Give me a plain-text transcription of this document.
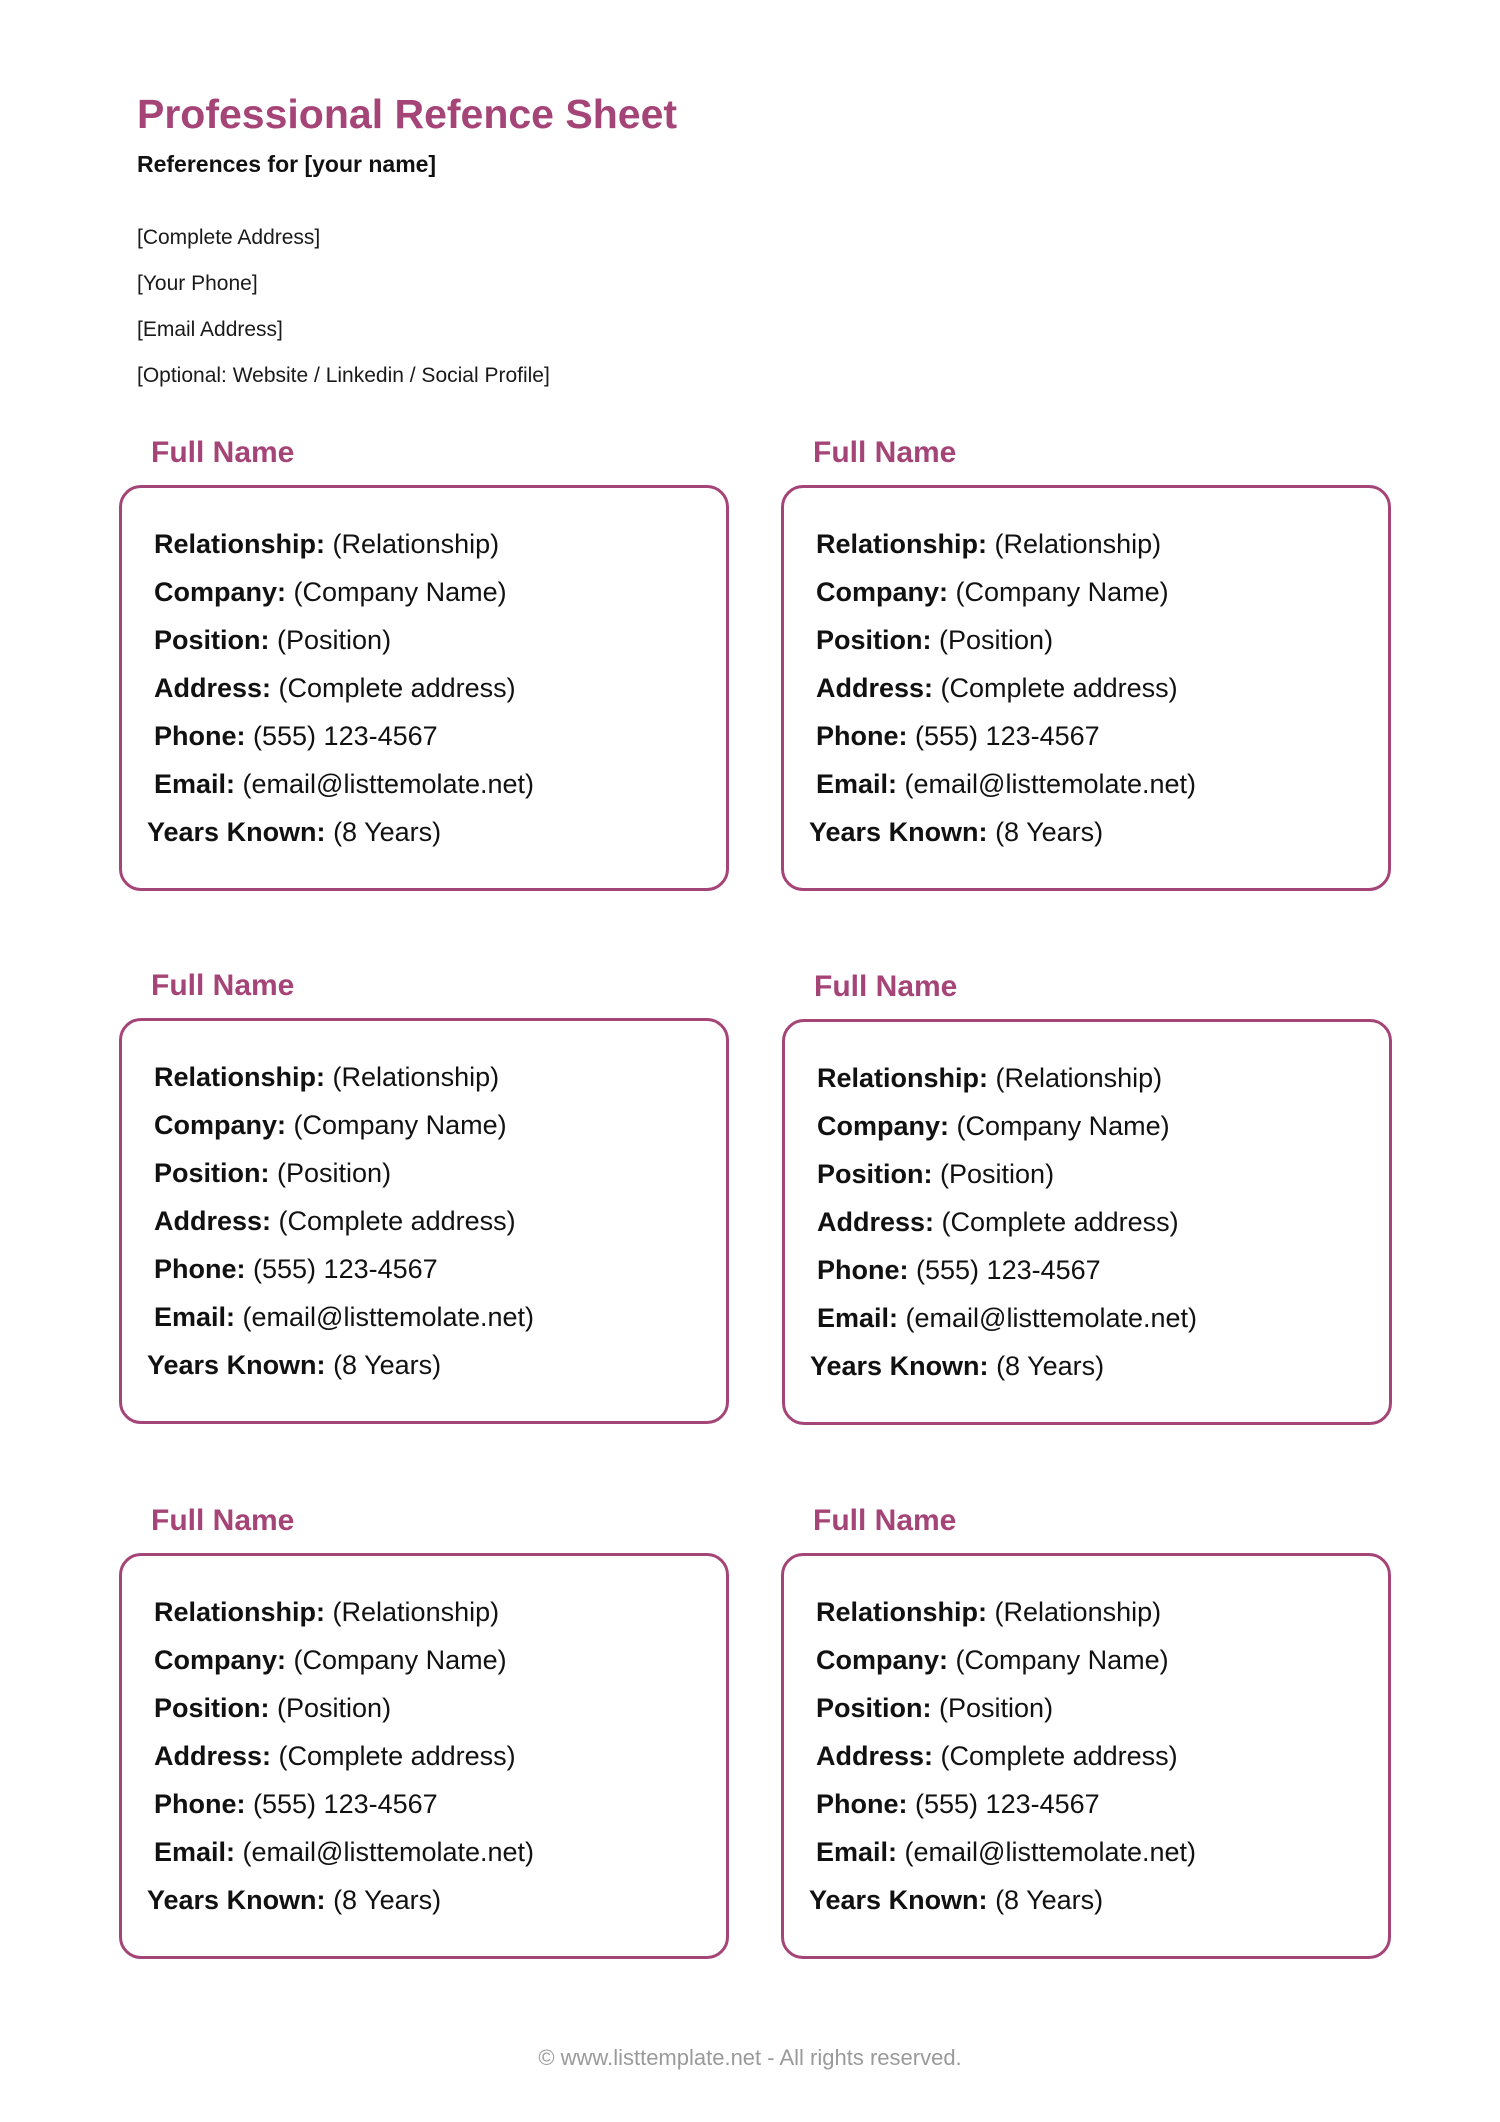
Professional Refence Sheet

References for [your name]

[Complete Address]
[Your Phone]
[Email Address]
[Optional: Website / Linkedin / Social Profile]
Full Name
Relationship: (Relationship)
Company: (Company Name)
Position: (Position)
Address: (Complete address)
Phone: (555) 123-4567
Email: (email@listtemolate.net)
Years Known: (8 Years)
Full Name
Relationship: (Relationship)
Company: (Company Name)
Position: (Position)
Address: (Complete address)
Phone: (555) 123-4567
Email: (email@listtemolate.net)
Years Known: (8 Years)
Full Name
Relationship: (Relationship)
Company: (Company Name)
Position: (Position)
Address: (Complete address)
Phone: (555) 123-4567
Email: (email@listtemolate.net)
Years Known: (8 Years)
Full Name
Relationship: (Relationship)
Company: (Company Name)
Position: (Position)
Address: (Complete address)
Phone: (555) 123-4567
Email: (email@listtemolate.net)
Years Known: (8 Years)
Full Name
Relationship: (Relationship)
Company: (Company Name)
Position: (Position)
Address: (Complete address)
Phone: (555) 123-4567
Email: (email@listtemolate.net)
Years Known: (8 Years)
Full Name
Relationship: (Relationship)
Company: (Company Name)
Position: (Position)
Address: (Complete address)
Phone: (555) 123-4567
Email: (email@listtemolate.net)
Years Known: (8 Years)
© www.listtemplate.net - All rights reserved.
